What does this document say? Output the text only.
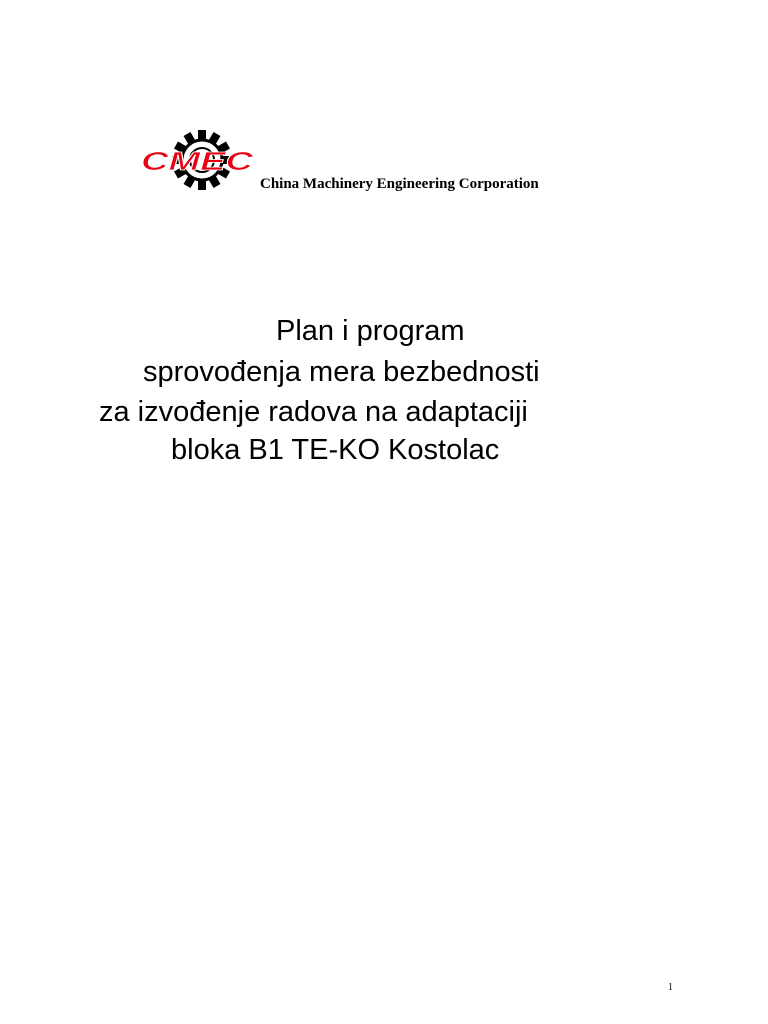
CMEC
China Machinery Engineering Corporation
Plan i program
sprovođenja mera bezbednosti
za izvođenje radova na adaptaciji
bloka B1 TE-KO Kostolac
1
